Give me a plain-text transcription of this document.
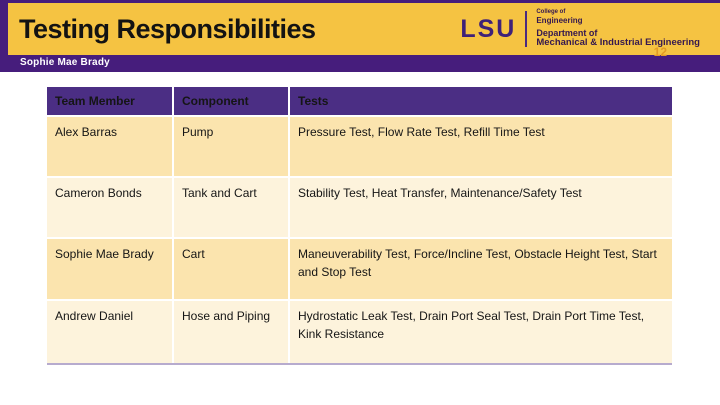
Testing Responsibilities	LSU
College of
Engineering
Department of
Mechanical & Industrial Engineering
12
Sophie Mae Brady
Team Member	Component	Tests
Alex Barras	Pump	Pressure Test, Flow Rate Test, Refill Time Test
Cameron Bonds	Tank and Cart	Stability Test, Heat Transfer, Maintenance/Safety Test
Sophie Mae Brady	Cart	Maneuverability Test, Force/Incline Test, Obstacle Height Test, Start and Stop Test
Andrew Daniel	Hose and Piping	Hydrostatic Leak Test, Drain Port Seal Test, Drain Port Time Test, Kink Resistance
